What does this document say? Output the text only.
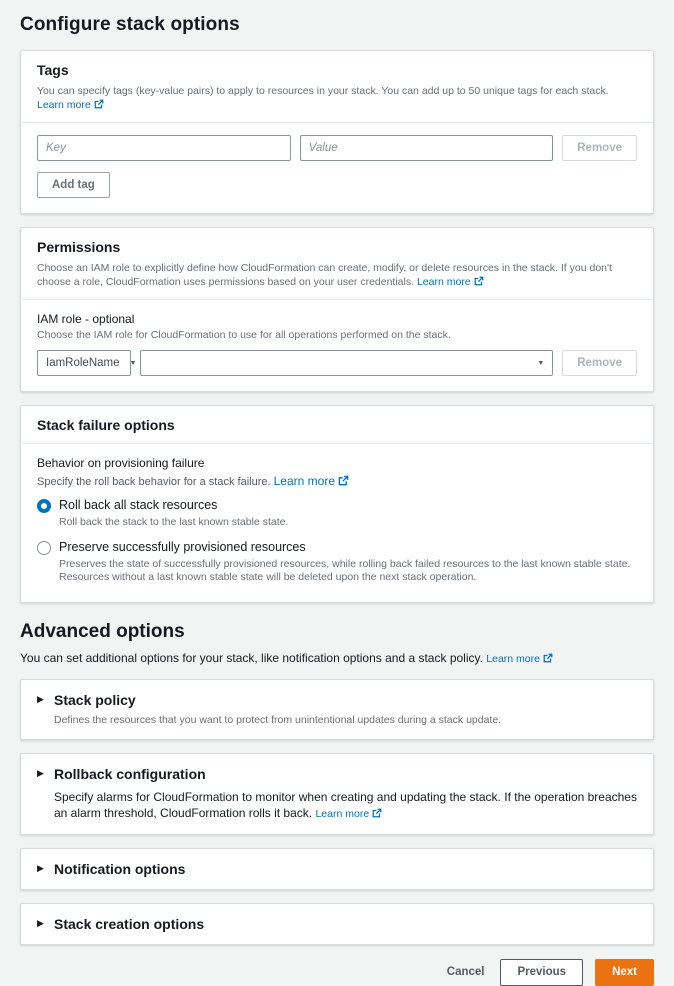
Configure stack options
Tags
You can specify tags (key-value pairs) to apply to resources in your stack. You can add up to 50 unique tags for each stack. Learn more
Key
Value
Remove
Add tag
Permissions
Choose an IAM role to explicitly define how CloudFormation can create, modify, or delete resources in the stack. If you don't choose a role, CloudFormation uses permissions based on your user credentials. Learn more
IAM role - optional
Choose the IAM role for CloudFormation to use for all operations performed on the stack.
IamRoleName ▼	▼	Remove
Stack failure options
Behavior on provisioning failure
Specify the roll back behavior for a stack failure. Learn more
Roll back all stack resources
Roll back the stack to the last known stable state.
Preserve successfully provisioned resources
Preserves the state of successfully provisioned resources, while rolling back failed resources to the last known stable state. Resources without a last known stable state will be deleted upon the next stack operation.
Advanced options
You can set additional options for your stack, like notification options and a stack policy. Learn more
▶ Stack policy
Defines the resources that you want to protect from unintentional updates during a stack update.
▶ Rollback configuration
Specify alarms for CloudFormation to monitor when creating and updating the stack. If the operation breaches an alarm threshold, CloudFormation rolls it back. Learn more
▶ Notification options
▶ Stack creation options
Cancel	Previous	Next
